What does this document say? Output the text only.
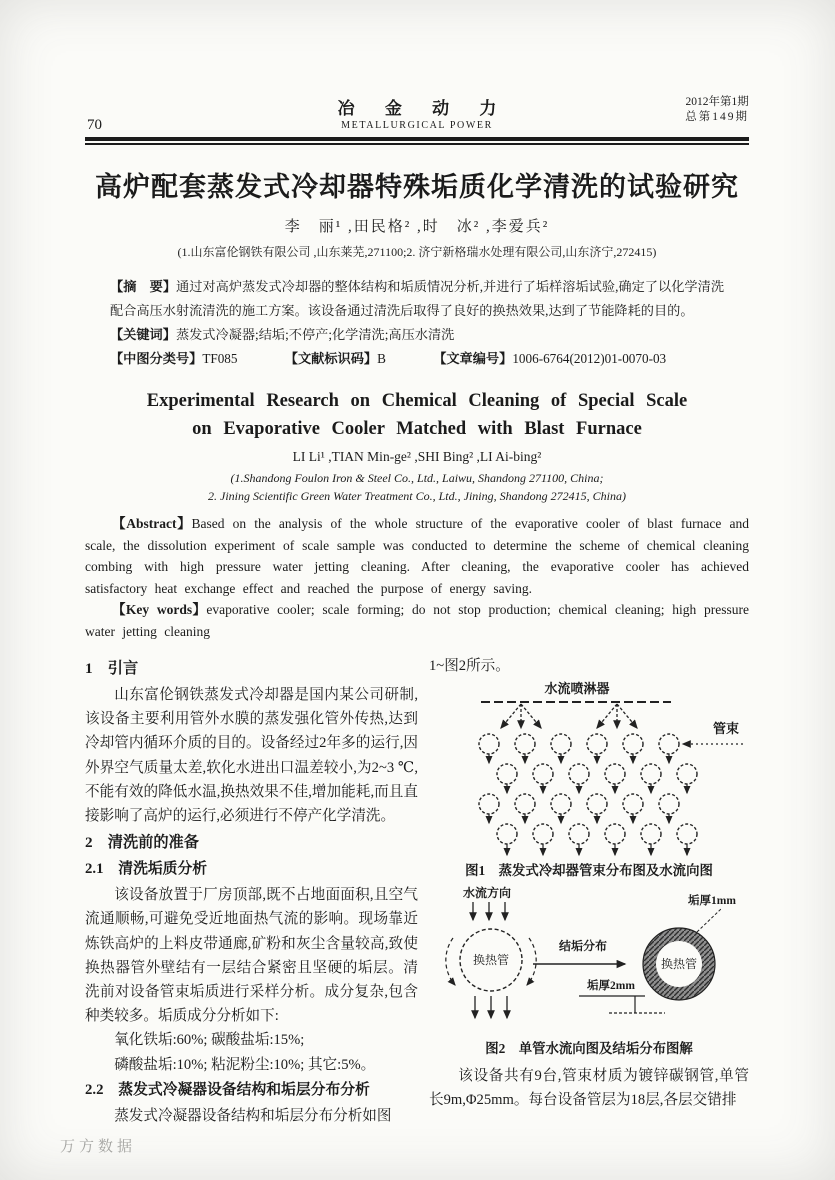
70
冶 金 动 力
METALLURGICAL POWER
2012年第1期
总第149期
高炉配套蒸发式冷却器特殊垢质化学清洗的试验研究
李　丽¹ ,田民格² ,时　冰² ,李爱兵²
(1.山东富伦钢铁有限公司 ,山东莱芜,271100;2. 济宁新格瑞水处理有限公司,山东济宁,272415)

【摘　要】通过对高炉蒸发式冷却器的整体结构和垢质情况分析,并进行了垢样溶垢试验,确定了以化学清洗配合高压水射流清洗的施工方案。该设备通过清洗后取得了良好的换热效果,达到了节能降耗的目的。

【关键词】蒸发式冷凝器;结垢;不停产;化学清洗;高压水清洗

【中图分类号】TF085	【文献标识码】B	【文章编号】1006-6764(2012)01-0070-03

Experimental Research on Chemical Cleaning of Special Scale
on Evaporative Cooler Matched with Blast Furnace
LI Li¹ ,TIAN Min-ge² ,SHI Bing² ,LI Ai-bing²
(1.Shandong Foulon Iron & Steel Co., Ltd., Laiwu, Shandong 271100, China;
2. Jining Scientific Green Water Treatment Co., Ltd., Jining, Shandong 272415, China)

【Abstract】Based on the analysis of the whole structure of the evaporative cooler of blast furnace and scale, the dissolution experiment of scale sample was conducted to determine the scheme of chemical cleaning combing with high pressure water jetting cleaning. After cleaning, the evaporative cooler has achieved satisfactory heat exchange effect and reached the purpose of energy saving.

【Key words】evaporative cooler; scale forming; do not stop production; chemical cleaning; high pressure water jetting cleaning

1　引言

山东富伦钢铁蒸发式冷却器是国内某公司研制,该设备主要利用管外水膜的蒸发强化管外传热,达到冷却管内循环介质的目的。设备经过2年多的运行,因外界空气质量太差,软化水进出口温差较小,为2~3 ℃,不能有效的降低水温,换热效果不佳,增加能耗,而且直接影响了高炉的运行,必须进行不停产化学清洗。

2　清洗前的准备
2.1　清洗垢质分析

该设备放置于厂房顶部,既不占地面面积,且空气流通顺畅,可避免受近地面热气流的影响。现场靠近炼铁高炉的上料皮带通廊,矿粉和灰尘含量较高,致使换热器管外壁结有一层结合紧密且坚硬的垢层。清洗前对设备管束垢质进行采样分析。成分复杂,包含种类较多。垢质成分分析如下:

氧化铁垢:60%; 碳酸盐垢:15%;

磷酸盐垢:10%; 粘泥粉尘:10%; 其它:5%。

2.2　蒸发式冷凝器设备结构和垢层分布分析

蒸发式冷凝器设备结构和垢层分布分析如图

1~图2所示。

水流喷淋器
管束
图1　蒸发式冷却器管束分布图及水流向图
水流方向
换热管
结垢分布
换热管
垢厚1mm
垢厚2mm
图2　单管水流向图及结垢分布图解

该设备共有9台,管束材质为镀锌碳钢管,单管长9m,Φ25mm。每台设备管层为18层,各层交错排

万方数据
